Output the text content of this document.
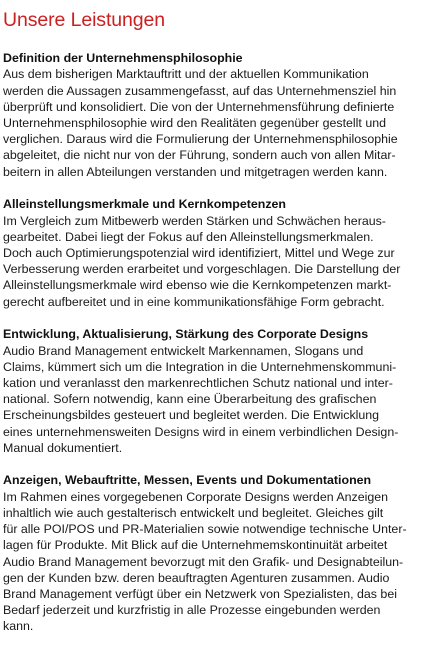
Unsere Leistungen
Definition der Unternehmensphilosophie

Aus dem bisherigen Marktauftritt und der aktuellen Kommunikation

werden die Aussagen zusammengefasst, auf das Unternehmensziel hin

überprüft und konsolidiert. Die von der Unternehmensführung definierte

Unternehmensphilosophie wird den Realitäten gegenüber gestellt und

verglichen. Daraus wird die Formulierung der Unternehmensphilosophie

abgeleitet, die nicht nur von der Führung, sondern auch von allen Mitar-

beitern in allen Abteilungen verstanden und mitgetragen werden kann.

Alleinstellungsmerkmale und Kernkompetenzen

Im Vergleich zum Mitbewerb werden Stärken und Schwächen heraus-

gearbeitet. Dabei liegt der Fokus auf den Alleinstellungsmerkmalen.

Doch auch Optimierungspotenzial wird identifiziert, Mittel und Wege zur

Verbesserung werden erarbeitet und vorgeschlagen. Die Darstellung der

Alleinstellungsmerkmale wird ebenso wie die Kernkompetenzen markt-

gerecht aufbereitet und in eine kommunikationsfähige Form gebracht.

Entwicklung, Aktualisierung, Stärkung des Corporate Designs

Audio Brand Management entwickelt Markennamen, Slogans und

Claims, kümmert sich um die Integration in die Unternehmenskommuni-

kation und veranlasst den markenrechtlichen Schutz national und inter-

national. Sofern notwendig, kann eine Überarbeitung des grafischen

Erscheinungsbildes gesteuert und begleitet werden. Die Entwicklung

eines unternehmensweiten Designs wird in einem verbindlichen Design-

Manual dokumentiert.

Anzeigen, Webauftritte, Messen, Events und Dokumentationen

Im Rahmen eines vorgegebenen Corporate Designs werden Anzeigen

inhaltlich wie auch gestalterisch entwickelt und begleitet. Gleiches gilt

für alle POI/POS und PR-Materialien sowie notwendige technische Unter-

lagen für Produkte. Mit Blick auf die Unternehmemskontinuität arbeitet

Audio Brand Management bevorzugt mit den Grafik- und Designabteilun-

gen der Kunden bzw. deren beauftragten Agenturen zusammen. Audio

Brand Management verfügt über ein Netzwerk von Spezialisten, das bei

Bedarf jederzeit und kurzfristig in alle Prozesse eingebunden werden

kann.
